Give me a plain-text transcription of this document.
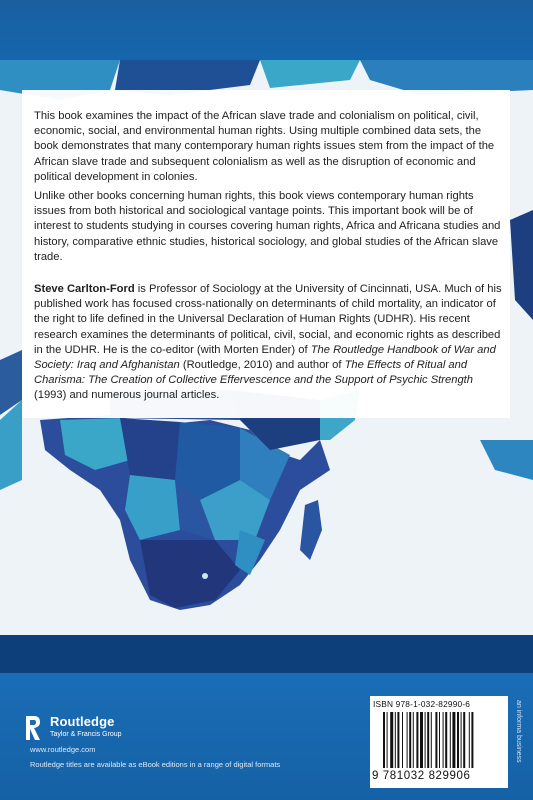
This book examines the impact of the African slave trade and colonialism on political, civil, economic, social, and environmental human rights. Using multiple combined data sets, the book demonstrates that many contemporary human rights issues stem from the impact of the African slave trade and subsequent colonialism as well as the disruption of economic and political development in colonies.

Unlike other books concerning human rights, this book views contemporary human rights issues from both historical and sociological vantage points. This important book will be of interest to students studying in courses covering human rights, Africa and Africana studies and history, comparative ethnic studies, historical sociology, and global studies of the African slave trade.

Steve Carlton-Ford is Professor of Sociology at the University of Cincinnati, USA. Much of his published work has focused cross-nationally on determinants of child mortality, an indicator of the right to life defined in the Universal Declaration of Human Rights (UDHR). His recent research examines the determinants of political, civil, social, and economic rights as described in the UDHR. He is the co-editor (with Morten Ender) of The Routledge Handbook of War and Society: Iraq and Afghanistan (Routledge, 2010) and author of The Effects of Ritual and Charisma: The Creation of Collective Effervescence and the Support of Psychic Strength (1993) and numerous journal articles.

Routledge
Taylor & Francis Group
www.routledge.com
Routledge titles are available as eBook editions in a range of digital formats
ISBN 978-1-032-82990-6
9 781032 829906
an informa business
